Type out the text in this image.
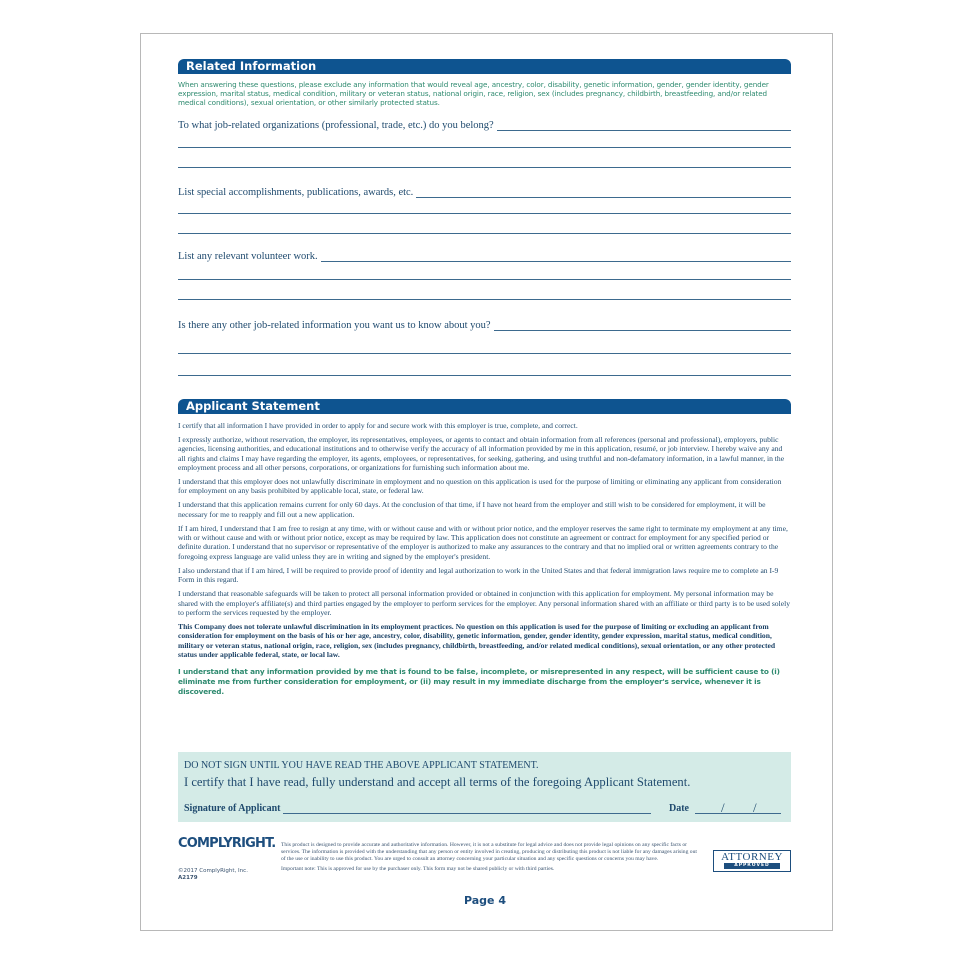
Related Information
When answering these questions, please exclude any information that would reveal age, ancestry, color, disability, genetic information, gender, gender identity, gender expression, marital status, medical condition, military or veteran status, national origin, race, religion, sex (includes pregnancy, childbirth, breastfeeding, and/or related medical conditions), sexual orientation, or other similarly protected status.
To what job-related organizations (professional, trade, etc.) do you belong?
List special accomplishments, publications, awards, etc.
List any relevant volunteer work.
Is there any other job-related information you want us to know about you?
Applicant Statement
I certify that all information I have provided in order to apply for and secure work with this employer is true, complete, and correct.
I expressly authorize, without reservation, the employer, its representatives, employees, or agents to contact and obtain information from all references (personal and professional), employers, public agencies, licensing authorities, and educational institutions and to otherwise verify the accuracy of all information provided by me in this application, resumé, or job interview. I hereby waive any and all rights and claims I may have regarding the employer, its agents, employees, or representatives, for seeking, gathering, and using truthful and non-defamatory information, in a lawful manner, in the employment process and all other persons, corporations, or organizations for furnishing such information about me.
I understand that this employer does not unlawfully discriminate in employment and no question on this application is used for the purpose of limiting or eliminating any applicant from consideration for employment on any basis prohibited by applicable local, state, or federal law.
I understand that this application remains current for only 60 days. At the conclusion of that time, if I have not heard from the employer and still wish to be considered for employment, it will be necessary for me to reapply and fill out a new application.
If I am hired, I understand that I am free to resign at any time, with or without cause and with or without prior notice, and the employer reserves the same right to terminate my employment at any time, with or without cause and with or without prior notice, except as may be required by law. This application does not constitute an agreement or contract for employment for any specified period or definite duration. I understand that no supervisor or representative of the employer is authorized to make any assurances to the contrary and that no implied oral or written agreements contrary to the foregoing express language are valid unless they are in writing and signed by the employer's president.
I also understand that if I am hired, I will be required to provide proof of identity and legal authorization to work in the United States and that federal immigration laws require me to complete an I-9 Form in this regard.
I understand that reasonable safeguards will be taken to protect all personal information provided or obtained in conjunction with this application for employment. My personal information may be shared with the employer's affiliate(s) and third parties engaged by the employer to perform services for the employer. Any personal information shared with an affiliate or third party is to be used solely to perform the services requested by the employer.
This Company does not tolerate unlawful discrimination in its employment practices. No question on this application is used for the purpose of limiting or excluding an applicant from consideration for employment on the basis of his or her age, ancestry, color, disability, genetic information, gender, gender identity, gender expression, marital status, medical condition, military or veteran status, national origin, race, religion, sex (includes pregnancy, childbirth, breastfeeding, and/or related medical conditions), sexual orientation, or any other protected status under applicable federal, state, or local law.
I understand that any information provided by me that is found to be false, incomplete, or misrepresented in any respect, will be sufficient cause to (i) eliminate me from further consideration for employment, or (ii) may result in my immediate discharge from the employer's service, whenever it is discovered.
DO NOT SIGN UNTIL YOU HAVE READ THE ABOVE APPLICANT STATEMENT.
I certify that I have read, fully understand and accept all terms of the foregoing Applicant Statement.
Signature of Applicant	Date / /
COMPLYRIGHT.
©2017 ComplyRight, Inc.
A2179
This product is designed to provide accurate and authoritative information. However, it is not a substitute for legal advice and does not provide legal opinions on any specific facts or services. The information is provided with the understanding that any person or entity involved in creating, producing or distributing this product is not liable for any damages arising out of the use or inability to use this product. You are urged to consult an attorney concerning your particular situation and any specific questions or concerns you may have.
Important note: This is approved for use by the purchaser only. This form may not be shared publicly or with third parties.
ATTORNEY
APPROVED
Page 4
